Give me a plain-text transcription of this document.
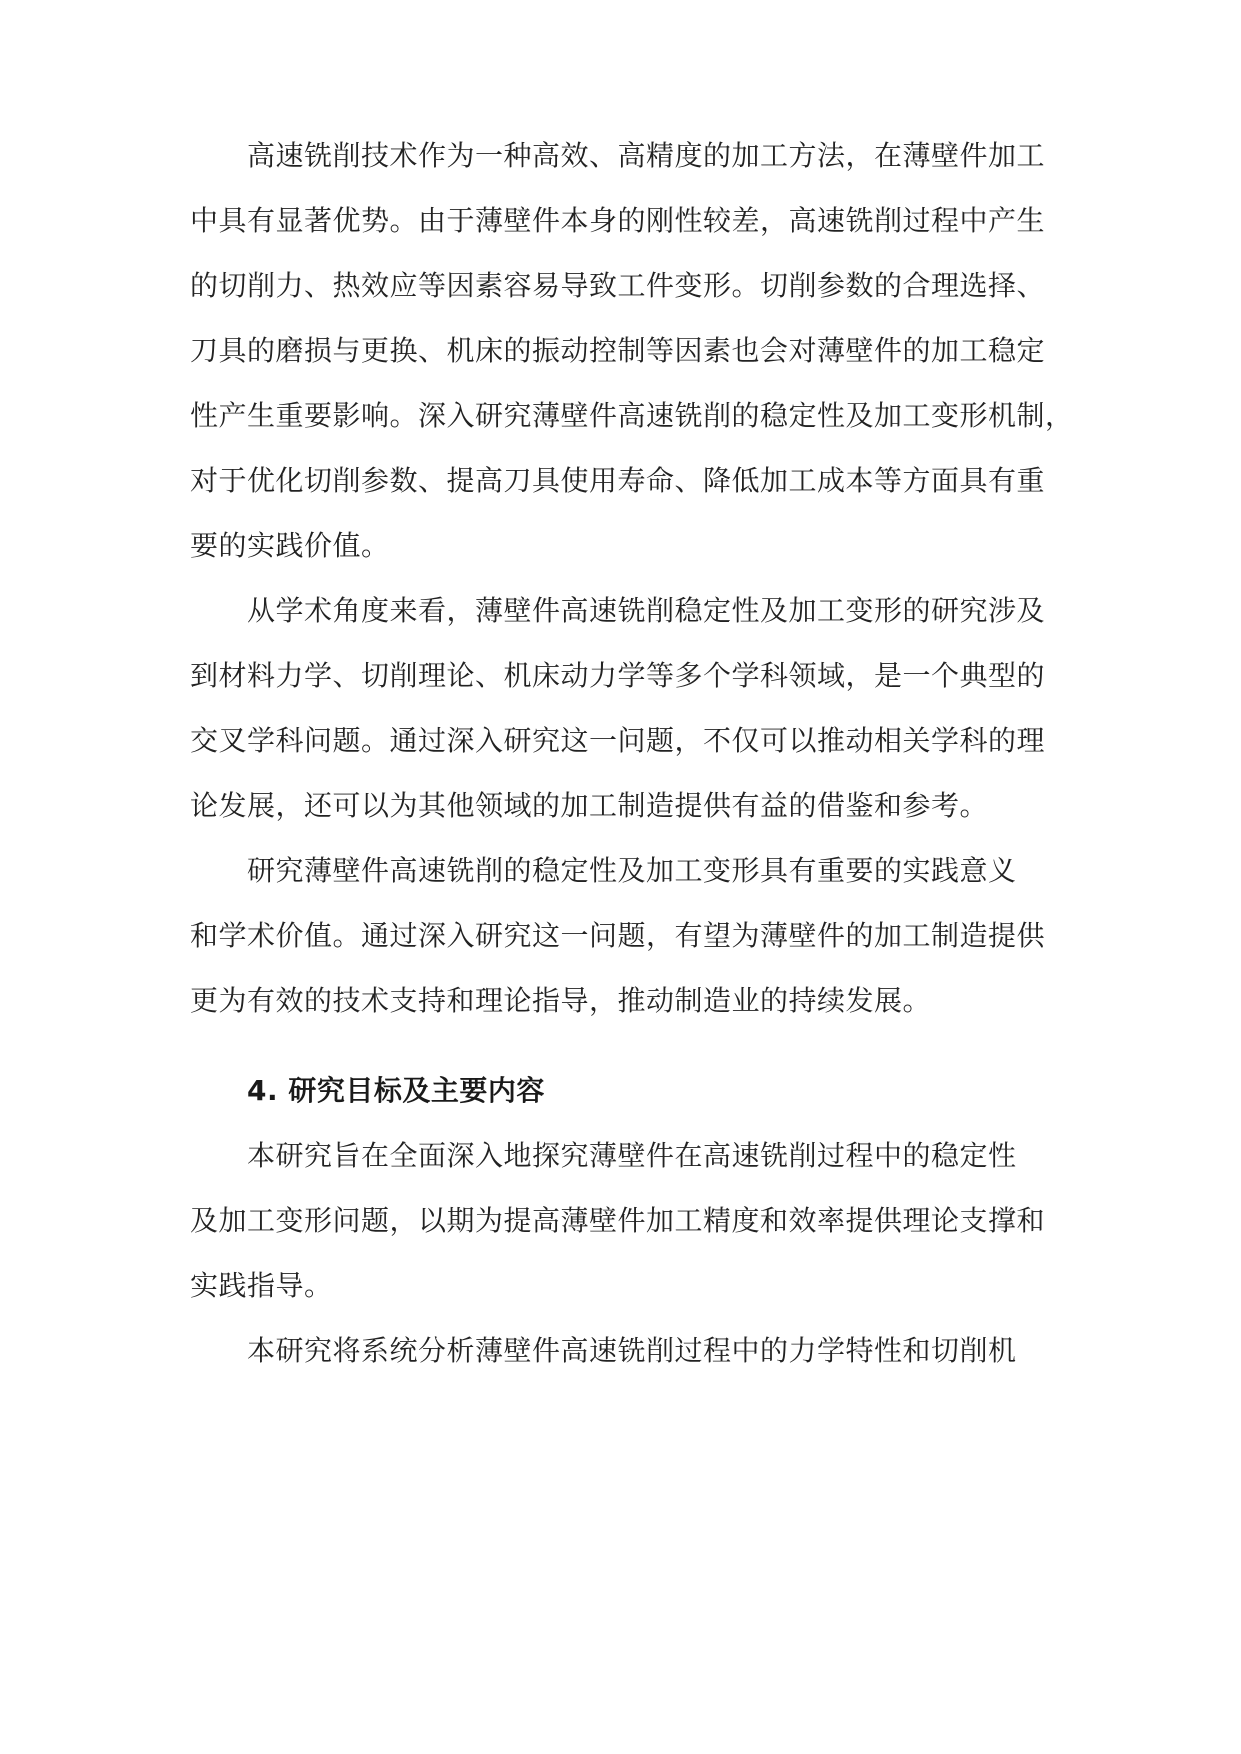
高速铣削技术作为一种高效、高精度的加工方法，在薄壁件加工
中具有显著优势。由于薄壁件本身的刚性较差，高速铣削过程中产生
的切削力、热效应等因素容易导致工件变形。切削参数的合理选择、
刀具的磨损与更换、机床的振动控制等因素也会对薄壁件的加工稳定
性产生重要影响。深入研究薄壁件高速铣削的稳定性及加工变形机制，
对于优化切削参数、提高刀具使用寿命、降低加工成本等方面具有重
要的实践价值。
从学术角度来看，薄壁件高速铣削稳定性及加工变形的研究涉及
到材料力学、切削理论、机床动力学等多个学科领域，是一个典型的
交叉学科问题。通过深入研究这一问题，不仅可以推动相关学科的理
论发展，还可以为其他领域的加工制造提供有益的借鉴和参考。
研究薄壁件高速铣削的稳定性及加工变形具有重要的实践意义
和学术价值。通过深入研究这一问题，有望为薄壁件的加工制造提供
更为有效的技术支持和理论指导，推动制造业的持续发展。
4. 研究目标及主要内容
本研究旨在全面深入地探究薄壁件在高速铣削过程中的稳定性
及加工变形问题，以期为提高薄壁件加工精度和效率提供理论支撑和
实践指导。
本研究将系统分析薄壁件高速铣削过程中的力学特性和切削机
